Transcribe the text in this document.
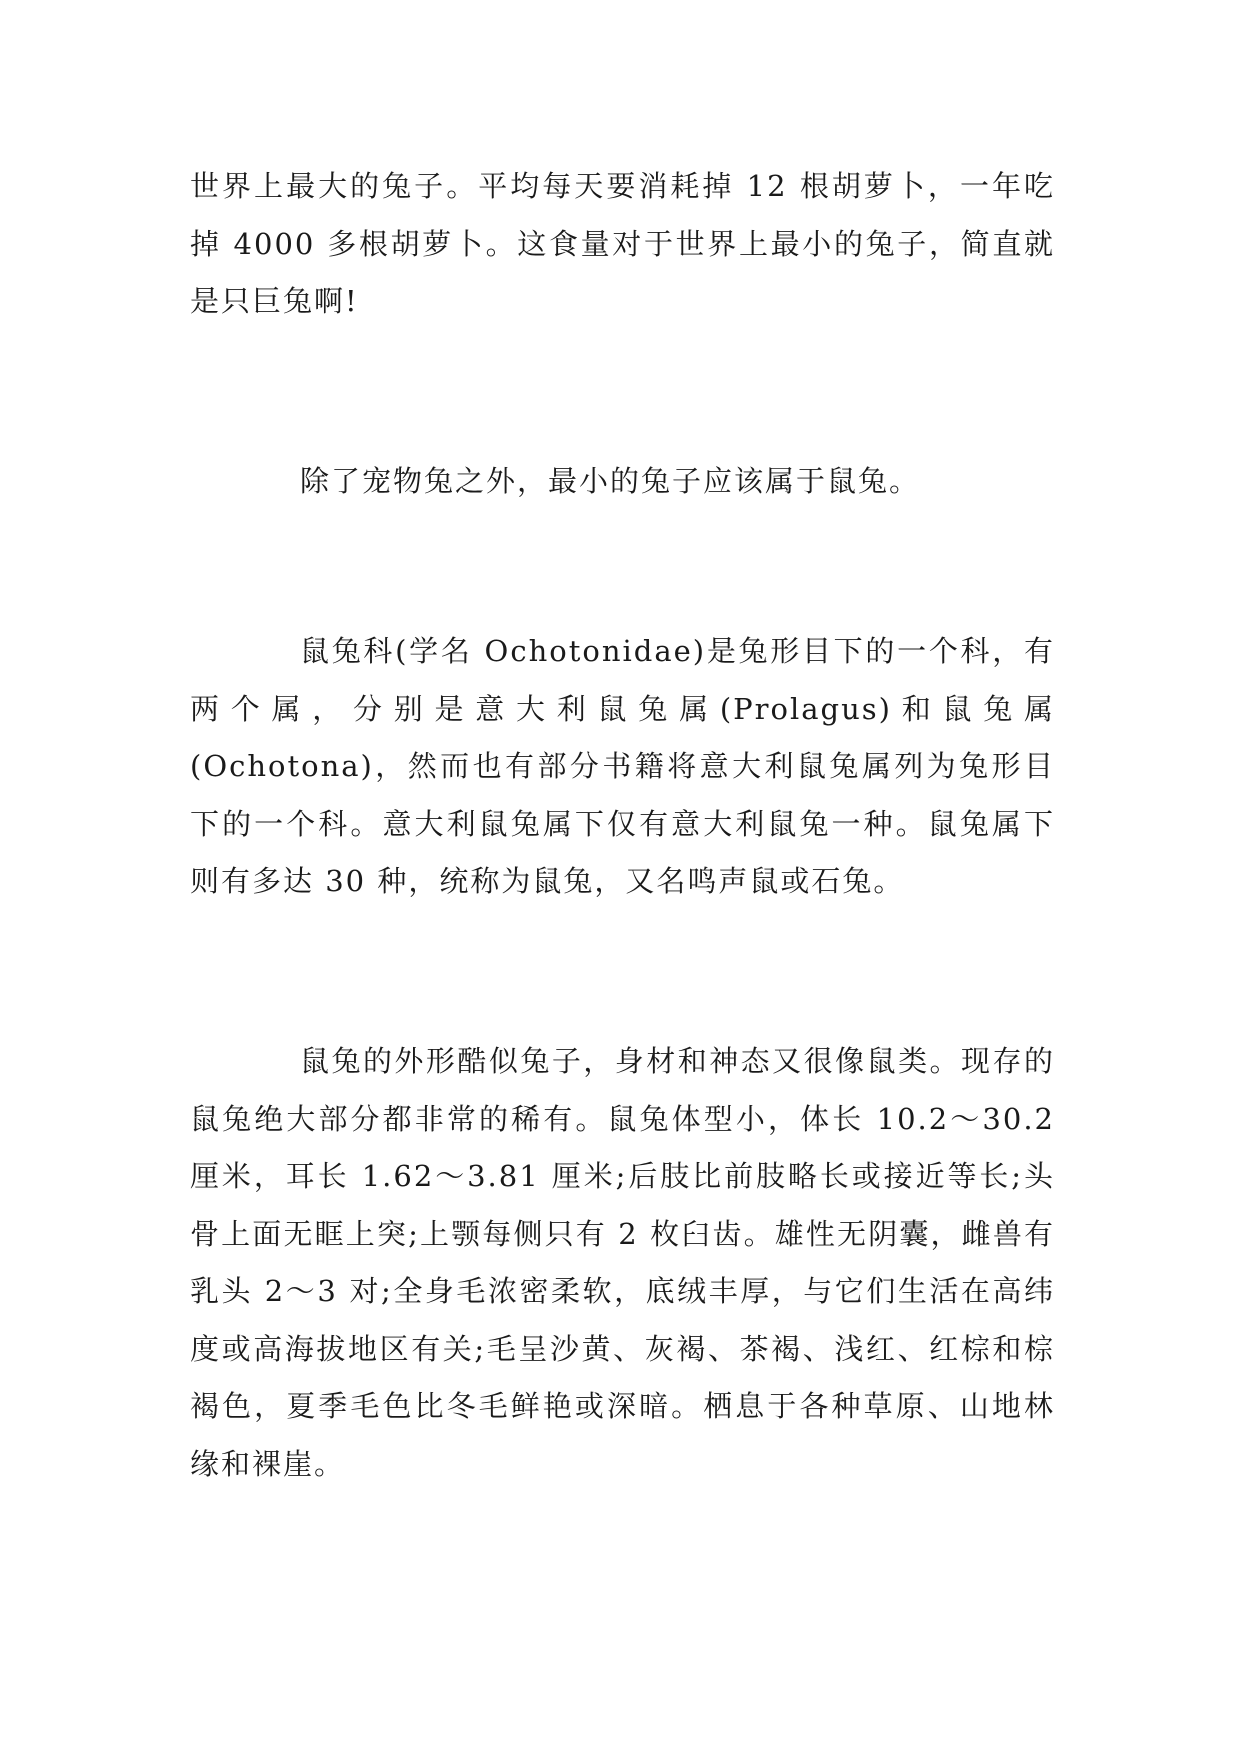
世界上最大的兔子。平均每天要消耗掉 12 根胡萝卜，一年吃掉 4000 多根胡萝卜。这食量对于世界上最小的兔子，简直就是只巨兔啊!

除了宠物兔之外，最小的兔子应该属于鼠兔。

鼠兔科(学名 Ochotonidae)是兔形目下的一个科，有两个属，分别是意大利鼠兔属(Prolagus)和鼠兔属(Ochotona)，然而也有部分书籍将意大利鼠兔属列为兔形目下的一个科。意大利鼠兔属下仅有意大利鼠兔一种。鼠兔属下则有多达 30 种，统称为鼠兔，又名鸣声鼠或石兔。

鼠兔的外形酷似兔子，身材和神态又很像鼠类。现存的鼠兔绝大部分都非常的稀有。鼠兔体型小，体长 10.2～30.2 厘米，耳长 1.62～3.81 厘米;后肢比前肢略长或接近等长;头骨上面无眶上突;上颚每侧只有 2 枚臼齿。雄性无阴囊，雌兽有乳头 2～3 对;全身毛浓密柔软，底绒丰厚，与它们生活在高纬度或高海拔地区有关;毛呈沙黄、灰褐、茶褐、浅红、红棕和棕褐色，夏季毛色比冬毛鲜艳或深暗。栖息于各种草原、山地林缘和裸崖。
